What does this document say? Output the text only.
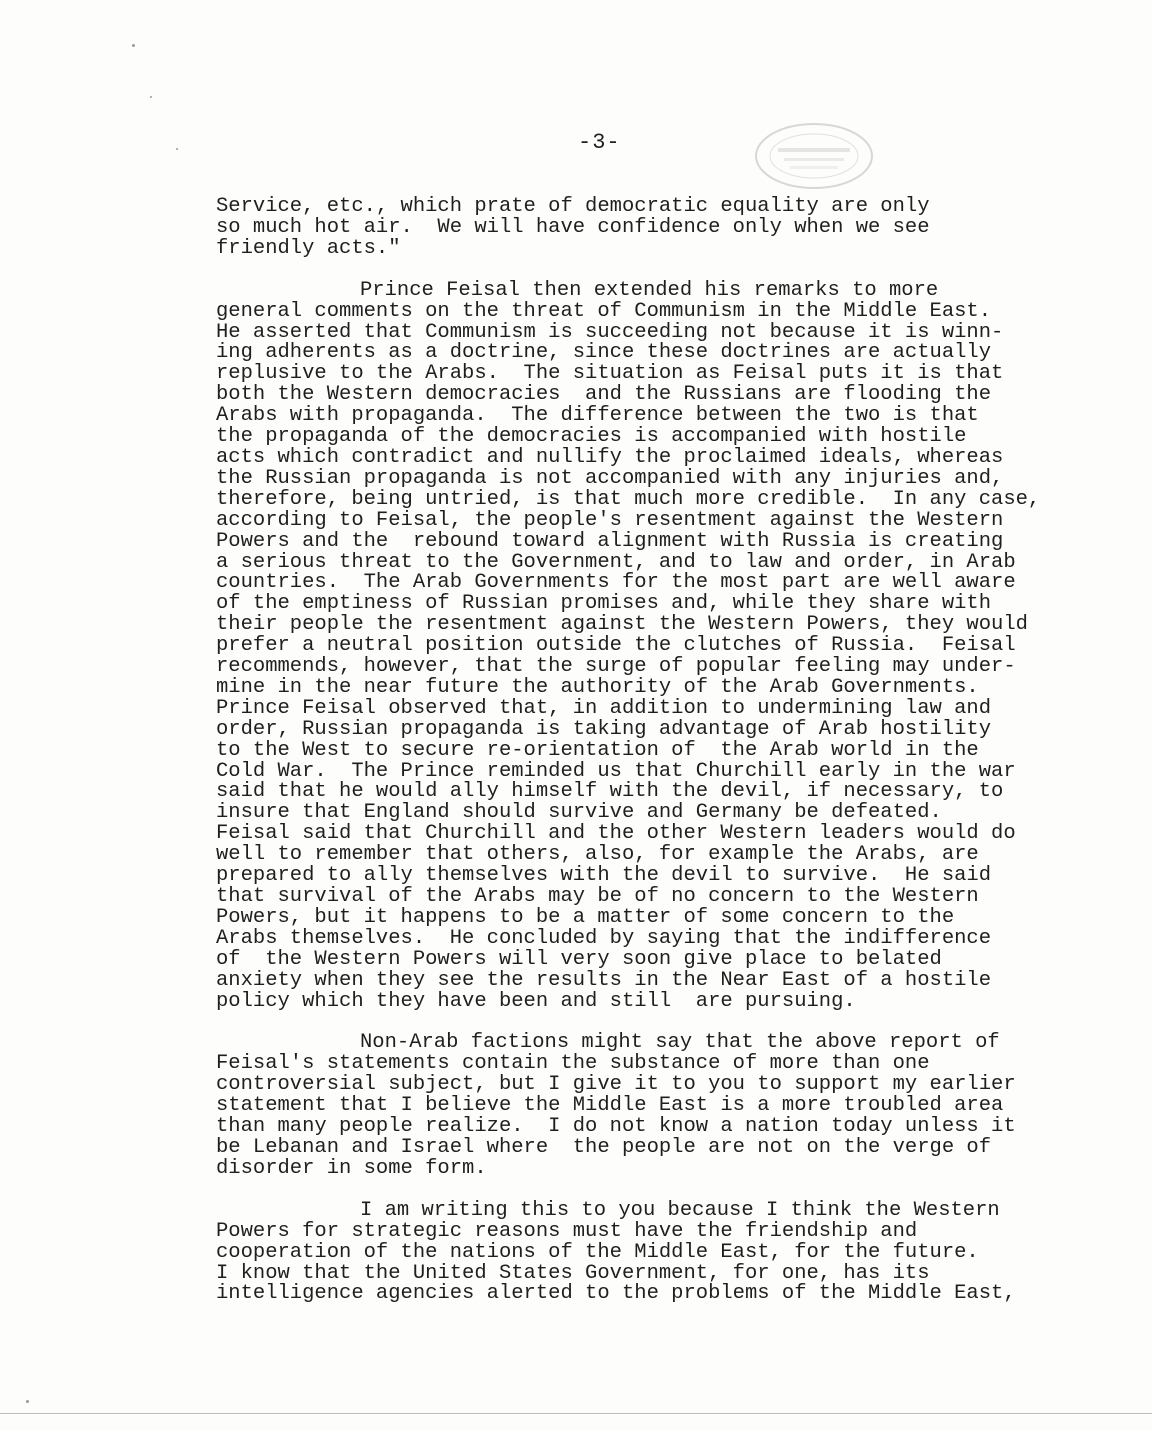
-3-
Service, etc., which prate of democratic equality are only
so much hot air.  We will have confidence only when we see
friendly acts."
Prince Feisal then extended his remarks to more
general comments on the threat of Communism in the Middle East.
He asserted that Communism is succeeding not because it is winn-
ing adherents as a doctrine, since these doctrines are actually
replusive to the Arabs.  The situation as Feisal puts it is that
both the Western democracies  and the Russians are flooding the
Arabs with propaganda.  The difference between the two is that
the propaganda of the democracies is accompanied with hostile
acts which contradict and nullify the proclaimed ideals, whereas
the Russian propaganda is not accompanied with any injuries and,
therefore, being untried, is that much more credible.  In any case,
according to Feisal, the people's resentment against the Western
Powers and the  rebound toward alignment with Russia is creating
a serious threat to the Government, and to law and order, in Arab
countries.  The Arab Governments for the most part are well aware
of the emptiness of Russian promises and, while they share with
their people the resentment against the Western Powers, they would
prefer a neutral position outside the clutches of Russia.  Feisal
recommends, however, that the surge of popular feeling may under-
mine in the near future the authority of the Arab Governments.
Prince Feisal observed that, in addition to undermining law and
order, Russian propaganda is taking advantage of Arab hostility
to the West to secure re-orientation of  the Arab world in the
Cold War.  The Prince reminded us that Churchill early in the war
said that he would ally himself with the devil, if necessary, to
insure that England should survive and Germany be defeated.
Feisal said that Churchill and the other Western leaders would do
well to remember that others, also, for example the Arabs, are
prepared to ally themselves with the devil to survive.  He said
that survival of the Arabs may be of no concern to the Western
Powers, but it happens to be a matter of some concern to the
Arabs themselves.  He concluded by saying that the indifference
of  the Western Powers will very soon give place to belated
anxiety when they see the results in the Near East of a hostile
policy which they have been and still  are pursuing.
Non-Arab factions might say that the above report of
Feisal's statements contain the substance of more than one
controversial subject, but I give it to you to support my earlier
statement that I believe the Middle East is a more troubled area
than many people realize.  I do not know a nation today unless it
be Lebanan and Israel where  the people are not on the verge of
disorder in some form.
I am writing this to you because I think the Western
Powers for strategic reasons must have the friendship and
cooperation of the nations of the Middle East, for the future.
I know that the United States Government, for one, has its
intelligence agencies alerted to the problems of the Middle East,
